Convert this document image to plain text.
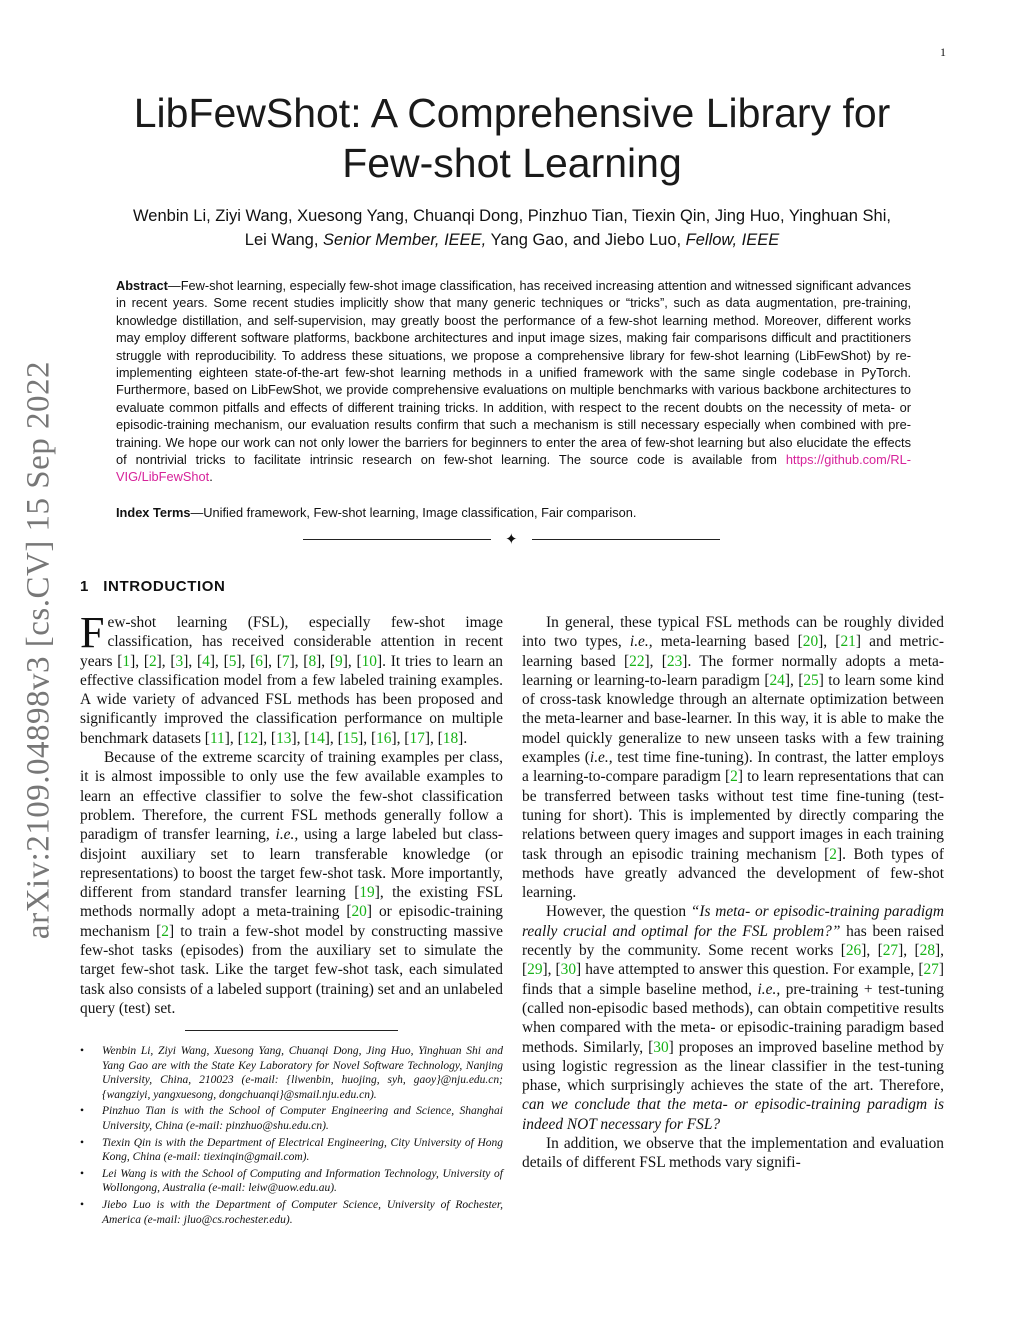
1
arXiv:2109.04898v3 [cs.CV] 15 Sep 2022
LibFewShot: A Comprehensive Library for Few-shot Learning
Wenbin Li, Ziyi Wang, Xuesong Yang, Chuanqi Dong, Pinzhuo Tian, Tiexin Qin, Jing Huo, Yinghuan Shi,
Lei Wang, Senior Member, IEEE, Yang Gao, and Jiebo Luo, Fellow, IEEE
Abstract—Few-shot learning, especially few-shot image classification, has received increasing attention and witnessed significant advances in recent years. Some recent studies implicitly show that many generic techniques or “tricks”, such as data augmentation, pre-training, knowledge distillation, and self-supervision, may greatly boost the performance of a few-shot learning method. Moreover, different works may employ different software platforms, backbone architectures and input image sizes, making fair comparisons difficult and practitioners struggle with reproducibility. To address these situations, we propose a comprehensive library for few-shot learning (LibFewShot) by re-implementing eighteen state-of-the-art few-shot learning methods in a unified framework with the same single codebase in PyTorch. Furthermore, based on LibFewShot, we provide comprehensive evaluations on multiple benchmarks with various backbone architectures to evaluate common pitfalls and effects of different training tricks. In addition, with respect to the recent doubts on the necessity of meta- or episodic-training mechanism, our evaluation results confirm that such a mechanism is still necessary especially when combined with pre-training. We hope our work can not only lower the barriers for beginners to enter the area of few-shot learning but also elucidate the effects of nontrivial tricks to facilitate intrinsic research on few-shot learning. The source code is available from https://github.com/RL-VIG/LibFewShot.
Index Terms—Unified framework, Few-shot learning, Image classification, Fair comparison.
✦
1 INTRODUCTION

Few-shot learning (FSL), especially few-shot image classification, has received considerable attention in recent years [1], [2], [3], [4], [5], [6], [7], [8], [9], [10]. It tries to learn an effective classification model from a few labeled training examples. A wide variety of advanced FSL methods has been proposed and significantly improved the classification performance on multiple benchmark datasets [11], [12], [13], [14], [15], [16], [17], [18].

Because of the extreme scarcity of training examples per class, it is almost impossible to only use the few available examples to learn an effective classifier to solve the few-shot classification problem. Therefore, the current FSL methods generally follow a paradigm of transfer learning, i.e., using a large labeled but class-disjoint auxiliary set to learn transferable knowledge (or representations) to boost the target few-shot task. More importantly, different from standard transfer learning [19], the existing FSL methods normally adopt a meta-training [20] or episodic-training mechanism [2] to train a few-shot model by constructing massive few-shot tasks (episodes) from the auxiliary set to simulate the target few-shot task. Like the target few-shot task, each simulated task also consists of a labeled support (training) set and an unlabeled query (test) set.

In general, these typical FSL methods can be roughly divided into two types, i.e., meta-learning based [20], [21] and metric-learning based [22], [23]. The former normally adopts a meta-learning or learning-to-learn paradigm [24], [25] to learn some kind of cross-task knowledge through an alternate optimization between the meta-learner and base-learner. In this way, it is able to make the model quickly generalize to new unseen tasks with a few training examples (i.e., test time fine-tuning). In contrast, the latter employs a learning-to-compare paradigm [2] to learn representations that can be transferred between tasks without test time fine-tuning (test-tuning for short). This is implemented by directly comparing the relations between query images and support images in each training task through an episodic training mechanism [2]. Both types of methods have greatly advanced the development of few-shot learning.

However, the question “Is meta- or episodic-training paradigm really crucial and optimal for the FSL problem?” has been raised recently by the community. Some recent works [26], [27], [28], [29], [30] have attempted to answer this question. For example, [27] finds that a simple baseline method, i.e., pre-training + test-tuning (called non-episodic based methods), can obtain competitive results when compared with the meta- or episodic-training paradigm based methods. Similarly, [30] proposes an improved baseline method by using logistic regression as the linear classifier in the test-tuning phase, which surprisingly achieves the state of the art. Therefore, can we conclude that the meta- or episodic-training paradigm is indeed NOT necessary for FSL?

In addition, we observe that the implementation and evaluation details of different FSL methods vary signifi-

• Wenbin Li, Ziyi Wang, Xuesong Yang, Chuanqi Dong, Jing Huo, Yinghuan Shi and Yang Gao are with the State Key Laboratory for Novel Software Technology, Nanjing University, China, 210023 (e-mail: {liwenbin, huojing, syh, gaoy}@nju.edu.cn; {wangziyi, yangxuesong, dongchuanqi}@smail.nju.edu.cn).
• Pinzhuo Tian is with the School of Computer Engineering and Science, Shanghai University, China (e-mail: pinzhuo@shu.edu.cn).
• Tiexin Qin is with the Department of Electrical Engineering, City University of Hong Kong, China (e-mail: tiexinqin@gmail.com).
• Lei Wang is with the School of Computing and Information Technology, University of Wollongong, Australia (e-mail: leiw@uow.edu.au).
• Jiebo Luo is with the Department of Computer Science, University of Rochester, America (e-mail: jluo@cs.rochester.edu).
